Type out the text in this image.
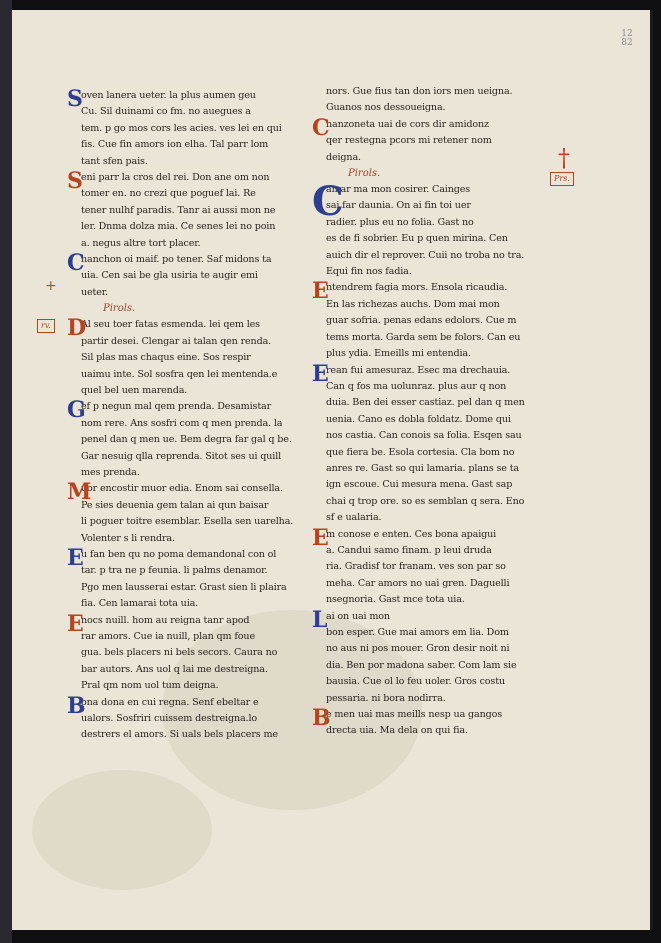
12
82
+
†
S
oven lanera ueter. la plus aumen geu
Cu. Sil duinami co fm. no auegues a
tem. p go mos cors les acies. ves lei en qui
fis. Cue fin amors ion elha. Tal parr lom
tant sfen pais.
S
eni parr la cros del rei. Don ane om non
tomer en. no crezi que poguef lai. Re
tener nulhf paradis. Tanr ai aussi mon ne
ler. Dnma dolza mia. Ce senes lei no poin
a. negus altre tort placer.
C
hanchon oi maif. po tener. Saf midons ta
uia. Cen sai be gla usiria te augir emi
ueter.
Pirols.
rv. D
Al seu toer fatas esmenda. lei qem les
partir desei. Clengar ai talan qen renda.
Sil plas mas chaqus eine. Sos respir
uaimu inte. Sol sosfra qen lei mentenda.e
quel bel uen marenda.
G
ef p negun mal qem prenda. Desamistar
nom rere. Ans sosfri com q men prenda. la
penel dan q men ue. Bem degra far gal q be.
Gar nesuig qlla reprenda. Sitot ses ui quill
mes prenda.
M
uor encostir muor edia. Enom sai consella.
Pe sies deuenia gem talan ai qun baisar
li poguer toitre esemblar. Esella sen uarelha.
Volenter s li rendra.
E
u fan ben qu no poma demandonal con ol
tar. p tra ne p feunia. li palms denamor.
Pgo men lausserai estar. Grast sien li plaira
fia. Cen lamarai tota uia.
E
nocs nuill. hom au reigna tanr apod
rar amors. Cue ia nuill, plan qm foue
gua. bels placers ni bels secors. Caura no
bar autors. Ans uol q lai me destreigna.
Pral qm nom uol tum deigna.
B
ona dona en cui regna. Senf ebeltar e
ualors. Sosfriri cuissem destreigna.lo
destrers el amors. Si uals bels placers me
nors. Gue fius tan don iors men ueigna.
Guanos nos dessoueigna.
C
hanzoneta uai de cors dir amidonz
qer restegna pcors mi retener nom
deigna.
Pirols.	Prs.
C
amar ma mon cosirer. Cainges
sai far daunia. On ai fin toi uer
radier. plus eu no folia. Gast no
es de fi sobrier. Eu p quen mirina. Cen
auich dir el reprover. Cuii no troba no tra.
Equi fin nos fadia.
E
ntendrem fagia mors. Ensola ricaudia.
En las richezas auchs. Dom mai mon
guar sofria. penas edans edolors. Cue m
tems morta. Garda sem be folors. Can eu
plus ydia. Emeills mi entendia.
E
rean fui amesuraz. Esec ma drechauia.
Can q fos ma uolunraz. plus aur q non
duia. Ben dei esser castiaz. pel dan q men
uenia. Cano es dobla foldatz. Dome qui
nos castia. Can conois sa folia. Esqen sau
que fiera be. Esola cortesia. Cla bom no
anres re. Gast so qui lamaria. plans se ta
ign escoue. Cui mesura mena. Gast sap
chai q trop ore. so es semblan q sera. Eno
sf e ualaria.
E
m conose e enten. Ces bona apaigui
a. Candui samo finam. p leui druda
ria. Gradisf tor franam. ves son par so
meha. Car amors no uai gren. Daguelli
nsegnoria. Gast mce tota uia.
L
ai on uai mon
bon esper. Gue mai amors em lia. Dom
no aus ni pos mouer. Gron desir noit ni
dia. Ben por madona saber. Com lam sie
bausia. Cue ol lo feu uoler. Gros costu
pessaria. ni bora nodirra.
B
e men uai mas meills nesp ua gangos
drecta uia. Ma dela on qui fia.
